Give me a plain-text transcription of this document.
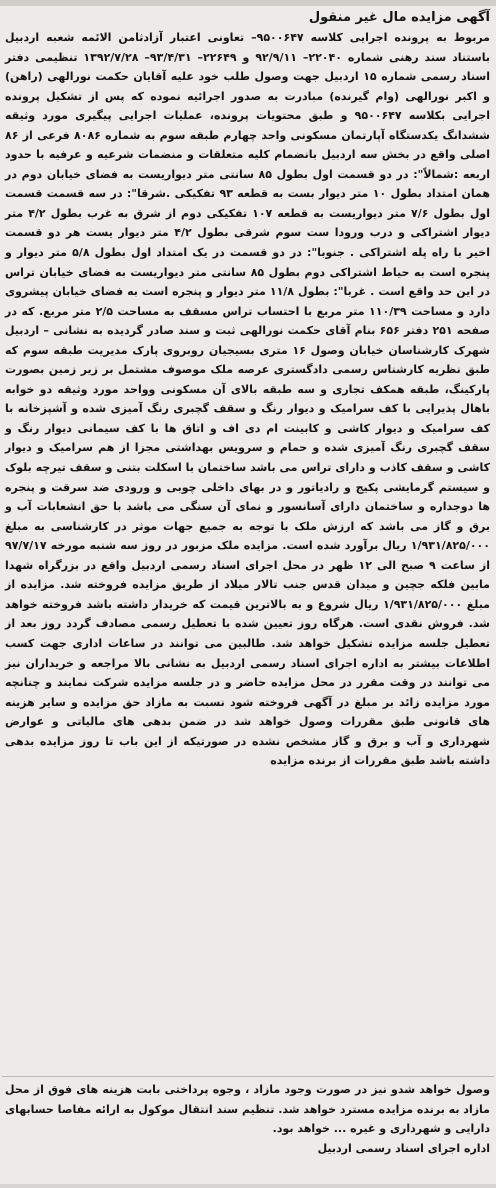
آگهی مزایده مال غیر منقول

مربوط به پرونده اجرایی کلاسه ۹۵۰۰۶۴۷– تعاونی اعتبار آزادثامن الائمه شعبه اردبیل باستناد سند رهنی شماره ۲۲۰۴۰– ۹۲/۹/۱۱ و ۲۲۶۴۹– ۹۳/۴/۳۱– ۱۳۹۲/۷/۲۸ تنظیمی دفتر اسناد رسمی شماره ۱۵ اردبیل جهت وصول طلب خود علیه آقایان حکمت نورالهی (راهن) و اکبر نورالهی (وام گیرنده) مبادرت به صدور اجرائیه نموده که پس از تشکیل پرونده اجرایی بکلاسه ۹۵۰۰۶۴۷ و طبق محتویات پرونده، عملیات اجرایی پیگیری مورد وثیقه ششدانگ یکدستگاه آپارتمان مسکونی واحد چهارم طبقه سوم به شماره ۸۰۸۶ فرعی از ۸۶ اصلی واقع در بخش سه اردبیل بانضمام کلیه متعلقات و منضمات شرعیه و عرفیه با حدود اربعه :شمالاً": در دو قسمت اول بطول ۸۵ سانتی متر دیواریست به فضای خیابان دوم در همان امتداد بطول ۱۰ متر دیوار بست به قطعه ۹۳ تفکیکی .شرقا": در سه قسمت قسمت اول بطول ۷/۶ متر دیواریست به قطعه ۱۰۷ تفکیکی دوم از شرق به غرب بطول ۴/۲ متر دیوار اشتراکی و درب ورودا ست سوم شرقی بطول ۴/۲ متر دیوار یست هر دو قسمت اخیر با راه پله اشتراکی . جنوبا": در دو قسمت در یک امتداد اول بطول ۵/۸ متر دیوار و پنجره است به حیاط اشتراکی دوم بطول ۸۵ سانتی متر دیواریست به فضای خیابان تراس در این حد واقع است . غربا": بطول ۱۱/۸ متر دیوار و پنجره است به فضای خیابان پیشروی دارد و مساحت ۱۱۰/۳۹ متر مربع با احتساب تراس مسقف به مساحت ۲/۵ متر مربع. که در صفحه ۲۵۱ دفتر ۶۵۶ بنام آقای حکمت نورالهی ثبت و سند صادر گردیده به نشانی – اردبیل شهرک کارشناسان خیابان وصول ۱۶ متری بسیجیان روبروی پارک مدیریت طبقه سوم که طبق نظریه کارشناس رسمی دادگستری عرصه ملک موصوف مشتمل بر زیر زمین بصورت پارکینگ، طبقه همکف تجاری و سه طبقه بالای آن مسکونی وواحد مورد وثیقه دو خوابه باهال پذیرایی با کف سرامیک و دیوار رنگ و سقف گچبری رنگ آمیزی شده و آشپزخانه با کف سرامیک و دیوار کاشی و کابینت ام دی اف و اتاق ها با کف سیمانی دیوار رنگ و سقف گچبری رنگ آمیزی شده و حمام و سرویس بهداشتی مجزا از هم سرامیک و دیوار کاشی و سقف کاذب و دارای تراس می باشد ساختمان با اسکلت بتنی و سقف تیرچه بلوک و سیستم گرمایشی پکیج و رادیاتور و در بهای داخلی چوبی و ورودی ضد سرقت و پنجره ها دوجداره و ساختمان دارای آسانسور و نمای آن سنگی می باشد با حق انشعابات آب و برق و گاز می باشد که ارزش ملک با توجه به جمیع جهات موثر در کارشناسی به مبلغ ۱/۹۳۱/۸۲۵/۰۰۰ ریال برآورد شده است. مزایده ملک مزبور در روز سه شنبه مورخه ۹۷/۷/۱۷ از ساعت ۹ صبح الی ۱۲ ظهر در محل اجرای اسناد رسمی اردبیل واقع در بزرگراه شهدا مابین فلکه جچین و میدان قدس جنب تالار میلاد از طریق مزایده فروخته شد. مزایده از مبلغ ۱/۹۳۱/۸۲۵/۰۰۰ ریال شروع و به بالاترین قیمت که خریدار داشته باشد فروخته خواهد شد. فروش نقدی است. هرگاه روز تعیین شده با تعطیل رسمی مصادف گردد روز بعد از تعطیل جلسه مزایده تشکیل خواهد شد. طالبین می توانند در ساعات اداری جهت کسب اطلاعات بیشتر به اداره اجرای اسناد رسمی اردبیل به نشانی بالا مراجعه و خریداران نیز می توانند در وقت مقرر در محل مزایده حاضر و در جلسه مزایده شرکت نمایند و چنانچه مورد مزایده زائد بر مبلغ در آگهی فروخته شود نسبت به مازاد حق مزایده و سایر هزینه های قانونی طبق مقررات وصول خواهد شد در ضمن بدهی های مالیاتی و عوارض شهرداری و آب و برق و گاز مشخص نشده در صورتیکه از این باب تا روز مزایده بدهی داشته باشد طبق مقررات از برنده مزایده

وصول خواهد شدو نیز در صورت وجود مازاد ، وجوه پرداختی بابت هزینه های فوق از محل مازاد به برنده مزایده مسترد خواهد شد. تنظیم سند انتقال موکول به ارائه مفاصا حسابهای دارایی و شهرداری و غیره ... خواهد بود.

اداره اجرای اسناد رسمی اردبیل
